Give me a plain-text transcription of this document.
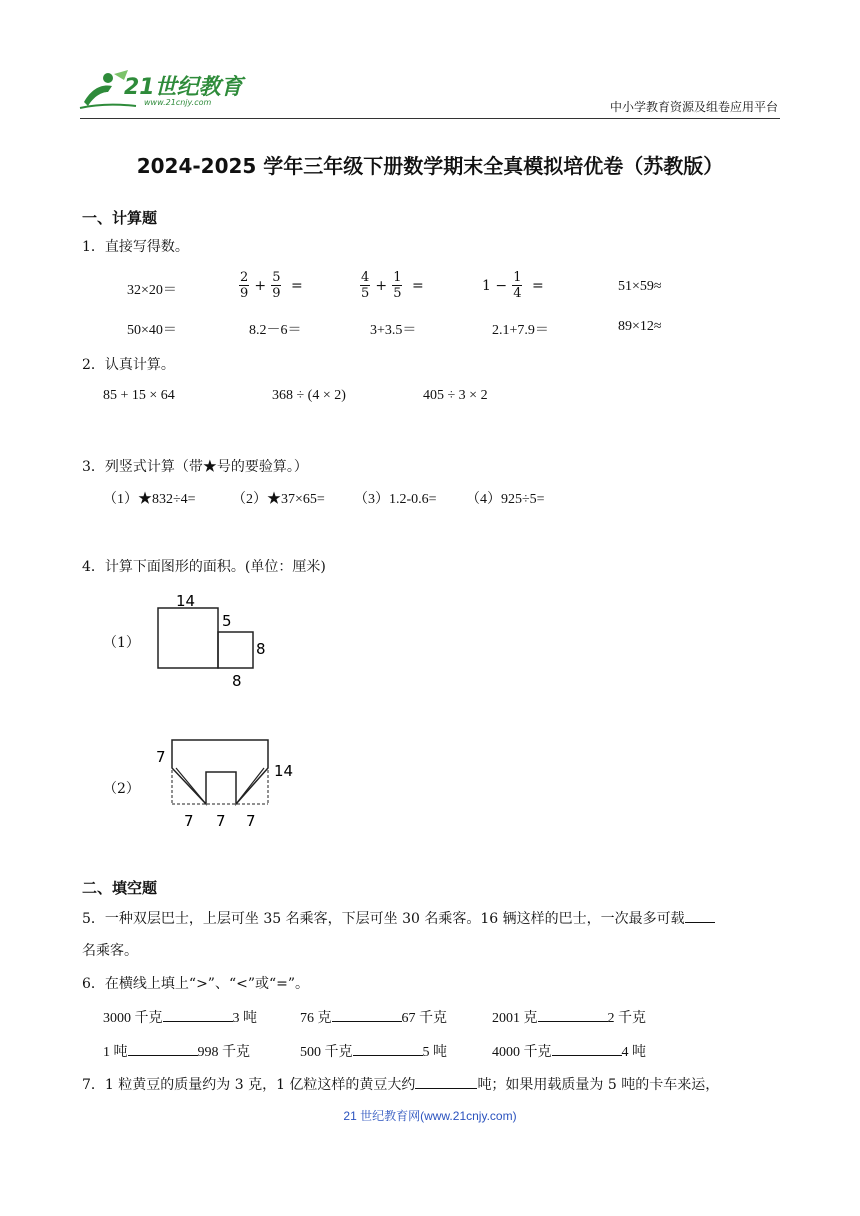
21世纪教育
www.21cnjy.com	中小学教育资源及组卷应用平台
2024-2025 学年三年级下册数学期末全真模拟培优卷（苏教版）
一、计算题
1．直接写得数。
32×20＝	$\frac{2}{9} + \frac{5}{9}$ =	$\frac{4}{5} + \frac{1}{5}$ =	$1 - \frac{1}{4}$ =	51×59≈
50×40＝	8.2－6＝	3+3.5＝	2.1+7.9＝	89×12≈
2．认真计算。
85 + 15 × 64	368 ÷ (4 × 2)	405 ÷ 3 × 2
3．列竖式计算（带★号的要验算。）
（1）★832÷4=	（2）★37×65= （3）1.2-0.6= （4）925÷5=
4．计算下面图形的面积。(单位：厘米)
（1）
14
5
8
8
（2）
7
14
7 7 7
二、填空题
5．一种双层巴士，上层可坐 35 名乘客，下层可坐 30 名乘客。16 辆这样的巴士，一次最多可载
名乘客。
6．在横线上填上“>”、“<”或“=”。
3000 千克	3 吨	76 克	67 千克	2001 克	2 千克
1 吨	998 千克	500 千克	5 吨	4000 千克	4 吨
7．1 粒黄豆的质量约为 3 克，1 亿粒这样的黄豆大约	吨；如果用载质量为 5 吨的卡车来运，
21 世纪教育网(www.21cnjy.com)
